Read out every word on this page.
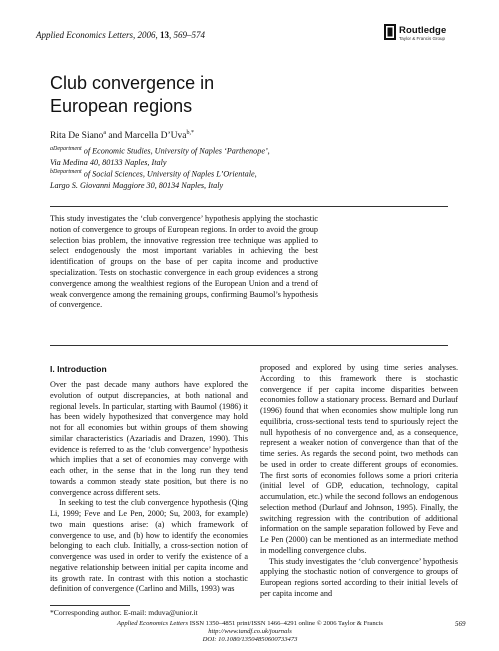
Applied Economics Letters, 2006, 13, 569–574	Routledge
Taylor & Francis Group
Club convergence in
European regions
Rita De Siano$^a$ and Marcella D’Uva$^{b,*}$
$^{aDepartment}$ of Economic Studies, University of Naples ‘Parthenope’,
Via Medina 40, 80133 Naples, Italy
$^{bDepartment}$ of Social Sciences, University of Naples L’Orientale,
Largo S. Giovanni Maggiore 30, 80134 Naples, Italy
This study investigates the ‘club convergence’ hypothesis applying the stochastic notion of convergence to groups of European regions. In order to avoid the group selection bias problem, the innovative regression tree technique was applied to select endogenously the most important variables in achieving the best identification of groups on the base of per capita income and productive specialization. Tests on stochastic convergence in each group evidences a strong convergence among the wealthiest regions of the European Union and a trend of weak convergence among the remaining groups, confirming Baumol’s hypothesis of convergence.
I. Introduction

Over the past decade many authors have explored the evolution of output discrepancies, at both national and regional levels. In particular, starting with Baumol (1986) it has been widely hypothesized that convergence may hold not for all economies but within groups of them showing similar characteristics (Azariadis and Drazen, 1990). This evidence is referred to as the ‘club convergence’ hypothesis which implies that a set of economies may converge with each other, in the sense that in the long run they tend towards a common steady state position, but there is no convergence across different sets.

In seeking to test the club convergence hypothesis (Qing Li, 1999; Feve and Le Pen, 2000; Su, 2003, for example) two main questions arise: (a) which framework of convergence to use, and (b) how to identify the economies belonging to each club. Initially, a cross-section notion of convergence was used in order to verify the existence of a negative relationship between initial per capita income and its growth rate. In contrast with this notion a stochastic definition of convergence (Carlino and Mills, 1993) was

proposed and explored by using time series analyses. According to this framework there is stochastic convergence if per capita income disparities between economies follow a stationary process. Bernard and Durlauf (1996) found that when economies show multiple long run equilibria, cross-sectional tests tend to spuriously reject the null hypothesis of no convergence and, as a consequence, represent a weaker notion of convergence than that of the time series. As regards the second point, two methods can be used in order to create different groups of economies. The first sorts of economies follows some a priori criteria (initial level of GDP, education, technology, capital accumulation, etc.) while the second follows an endogenous selection method (Durlauf and Johnson, 1995). Finally, the switching regression with the contribution of additional information on the sample separation followed by Feve and Le Pen (2000) can be mentioned as an intermediate method in modelling convergence clubs.

This study investigates the ‘club convergence’ hypothesis applying the stochastic notion of convergence to groups of European regions sorted according to their initial levels of per capita income and

*Corresponding author. E-mail: mduva@unior.it
Applied Economics Letters ISSN 1350–4851 print/ISSN 1466–4291 online © 2006 Taylor & Francis
http://www.tandf.co.uk/journals
DOI: 10.1080/13504850600733473
569
